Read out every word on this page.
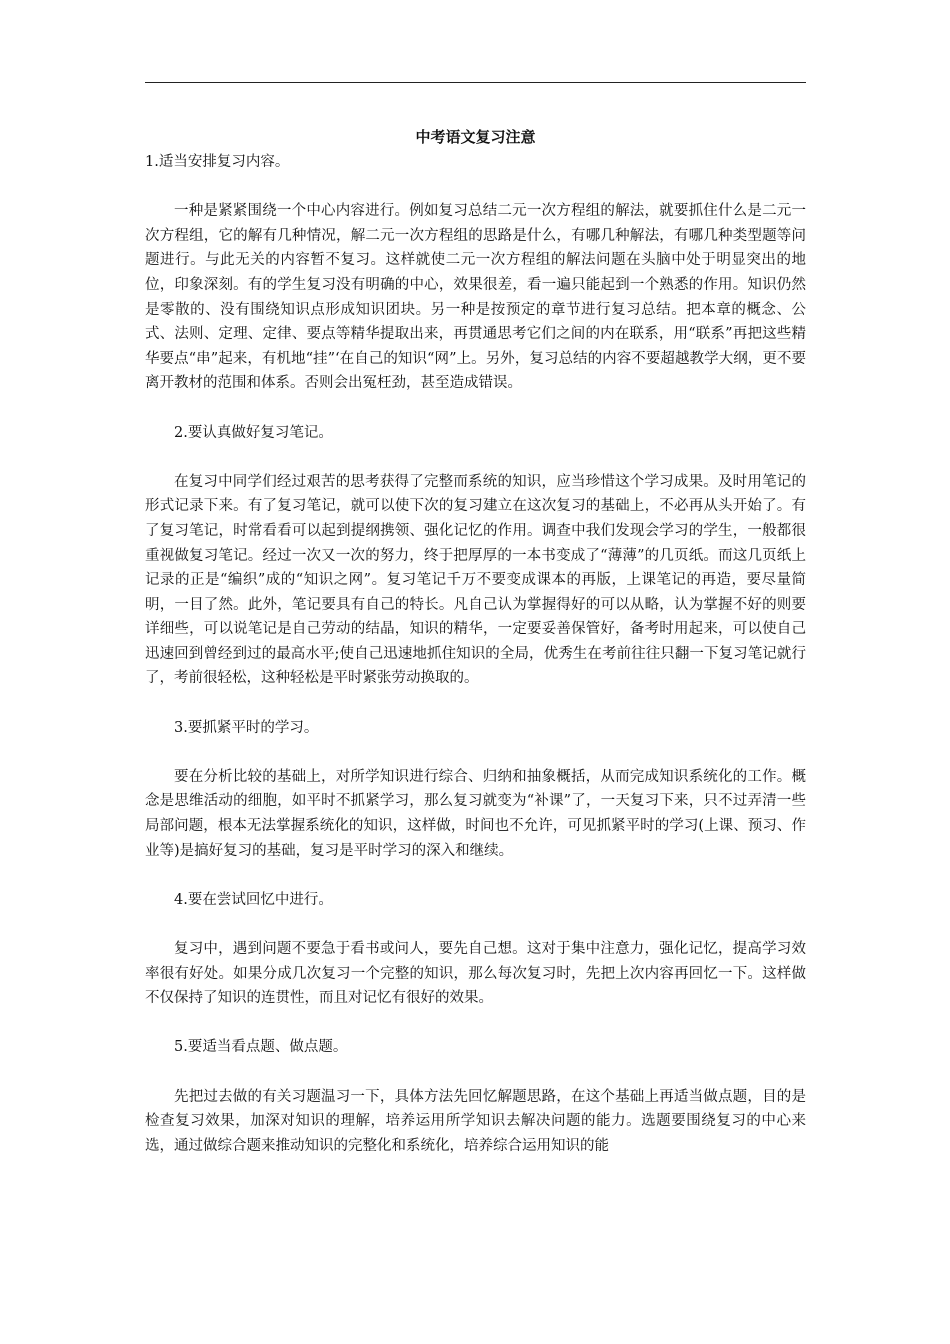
中考语文复习注意

1.适当安排复习内容。

一种是紧紧围绕一个中心内容进行。例如复习总结二元一次方程组的解法，就要抓住什么是二元一次方程组，它的解有几种情况，解二元一次方程组的思路是什么，有哪几种解法，有哪几种类型题等问题进行。与此无关的内容暂不复习。这样就使二元一次方程组的解法问题在头脑中处于明显突出的地位，印象深刻。有的学生复习没有明确的中心，效果很差，看一遍只能起到一个熟悉的作用。知识仍然是零散的、没有围绕知识点形成知识团块。另一种是按预定的章节进行复习总结。把本章的概念、公式、法则、定理、定律、要点等精华提取出来，再贯通思考它们之间的内在联系，用“联系”再把这些精华要点“串”起来，有机地“挂”‘在自己的知识“网”上。另外，复习总结的内容不要超越教学大纲，更不要离开教材的范围和体系。否则会出冤枉劲，甚至造成错误。

2.要认真做好复习笔记。

在复习中同学们经过艰苦的思考获得了完整而系统的知识，应当珍惜这个学习成果。及时用笔记的形式记录下来。有了复习笔记，就可以使下次的复习建立在这次复习的基础上，不必再从头开始了。有了复习笔记，时常看看可以起到提纲携领、强化记忆的作用。调查中我们发现会学习的学生，一般都很重视做复习笔记。经过一次又一次的努力，终于把厚厚的一本书变成了“薄薄”的几页纸。而这几页纸上记录的正是“编织”成的“知识之网”。复习笔记千万不要变成课本的再版，上课笔记的再造，要尽量简明，一目了然。此外，笔记要具有自己的特长。凡自己认为掌握得好的可以从略，认为掌握不好的则要详细些，可以说笔记是自己劳动的结晶，知识的精华，一定要妥善保管好，备考时用起来，可以使自己迅速回到曾经到过的最高水平;使自己迅速地抓住知识的全局，优秀生在考前往往只翻一下复习笔记就行了，考前很轻松，这种轻松是平时紧张劳动换取的。

3.要抓紧平时的学习。

要在分析比较的基础上，对所学知识进行综合、归纳和抽象概括，从而完成知识系统化的工作。概念是思维活动的细胞，如平时不抓紧学习，那么复习就变为“补课”了，一天复习下来，只不过弄清一些局部问题，根本无法掌握系统化的知识，这样做，时间也不允许，可见抓紧平时的学习(上课、预习、作业等)是搞好复习的基础，复习是平时学习的深入和继续。

4.要在尝试回忆中进行。

复习中，遇到问题不要急于看书或问人，要先自己想。这对于集中注意力，强化记忆，提高学习效率很有好处。如果分成几次复习一个完整的知识，那么每次复习时，先把上次内容再回忆一下。这样做不仅保持了知识的连贯性，而且对记忆有很好的效果。

5.要适当看点题、做点题。

先把过去做的有关习题温习一下，具体方法先回忆解题思路，在这个基础上再适当做点题，目的是检查复习效果，加深对知识的理解，培养运用所学知识去解决问题的能力。选题要围绕复习的中心来选，通过做综合题来推动知识的完整化和系统化，培养综合运用知识的能
